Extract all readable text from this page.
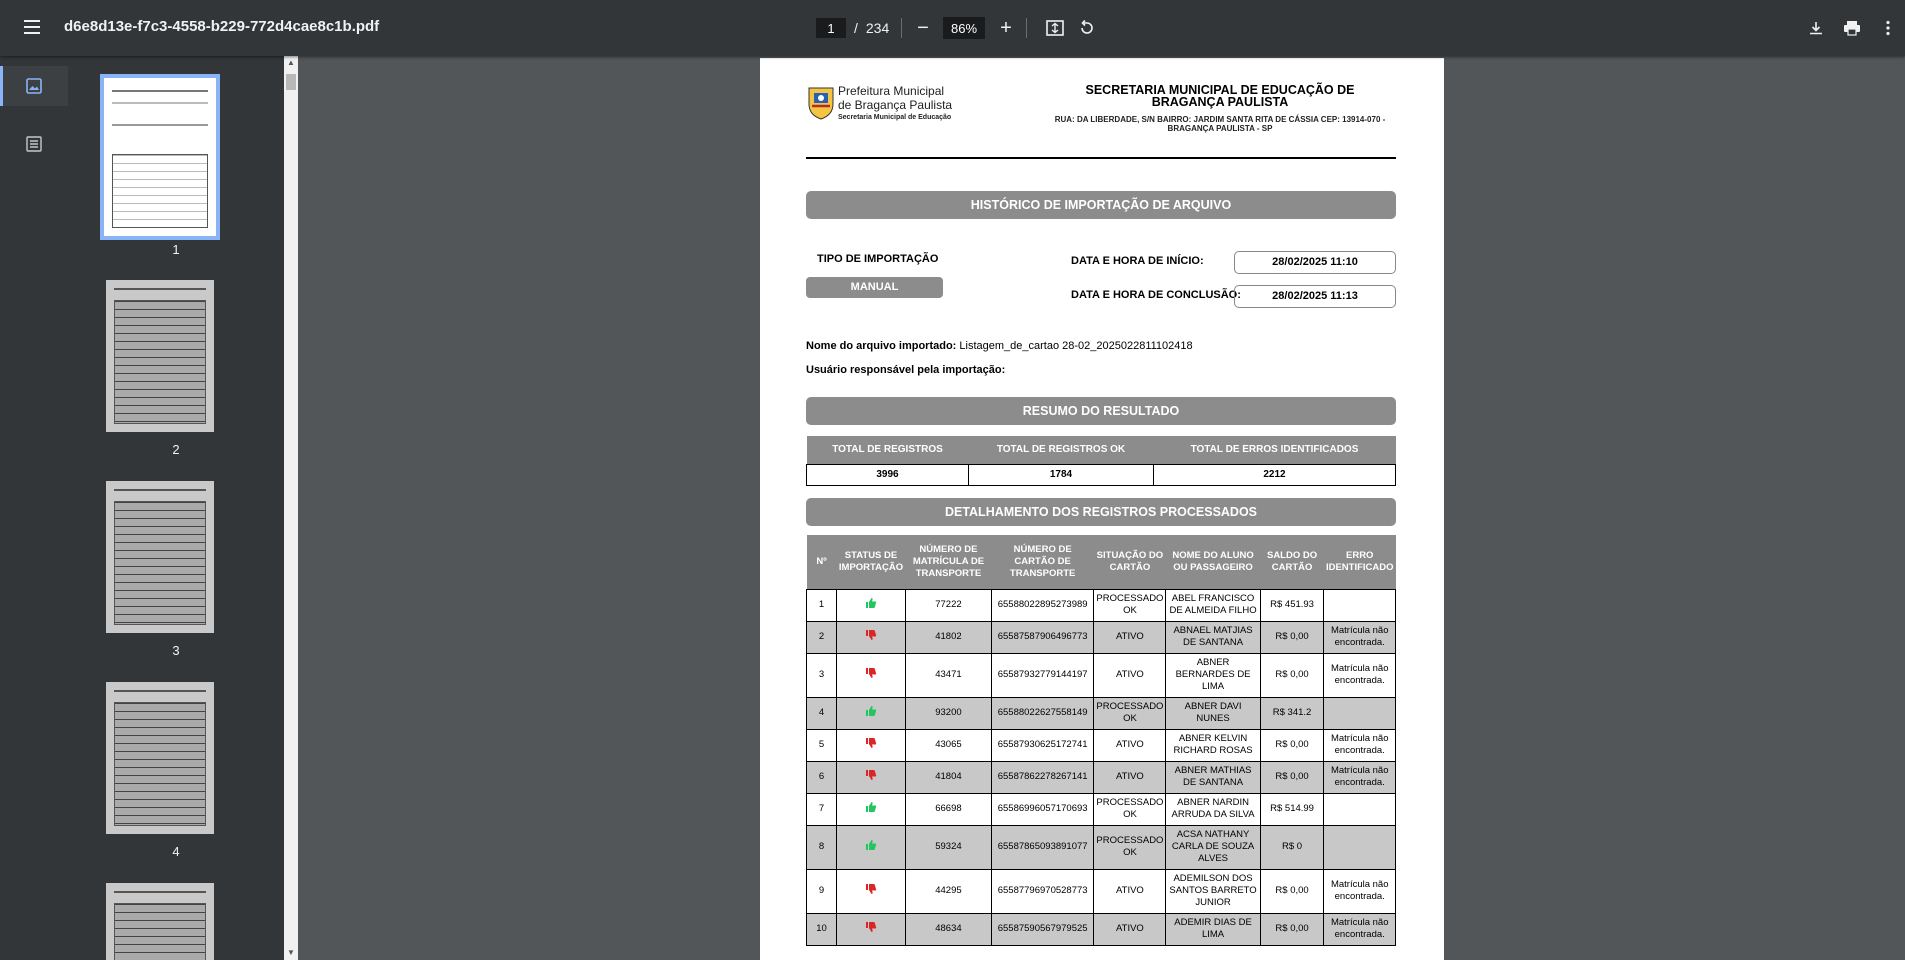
d6e8d13e-f7c3-4558-b229-772d4cae8c1b.pdf
1	/ 234	−
86%	+
1
2
3
4
▲
▼
Prefeitura Municipal
de Bragança Paulista
Secretaria Municipal de Educação
SECRETARIA MUNICIPAL DE EDUCAÇÃO DE BRAGANÇA PAULISTA
RUA: DA LIBERDADE, S/N BAIRRO: JARDIM SANTA RITA DE CÁSSIA CEP: 13914-070 - BRAGANÇA PAULISTA - SP
HISTÓRICO DE IMPORTAÇÃO DE ARQUIVO
TIPO DE IMPORTAÇÃO
MANUAL
DATA E HORA DE INÍCIO:	28/02/2025 11:10
DATA E HORA DE CONCLUSÃO:	28/02/2025 11:13
Nome do arquivo importado: Listagem_de_cartao 28-02_2025022811102418
Usuário responsável pela importação:
RESUMO DO RESULTADO
TOTAL DE REGISTROS	TOTAL DE REGISTROS OK	TOTAL DE ERROS IDENTIFICADOS
3996	1784	2212
DETALHAMENTO DOS REGISTROS PROCESSADOS
Nº	STATUS DE IMPORTAÇÃO	NÚMERO DE MATRÍCULA DE TRANSPORTE	NÚMERO DE CARTÃO DE TRANSPORTE	SITUAÇÃO DO CARTÃO	NOME DO ALUNO OU PASSAGEIRO	SALDO DO CARTÃO	ERRO IDENTIFICADO
1		77222	65588022895273989	PROCESSADO OK	ABEL FRANCISCO DE ALMEIDA FILHO	R$ 451.93	
2		41802	65587587906496773	ATIVO	ABNAEL MATJIAS DE SANTANA	R$ 0,00	Matrícula não encontrada.
3		43471	65587932779144197	ATIVO	ABNER BERNARDES DE LIMA	R$ 0,00	Matrícula não encontrada.
4		93200	65588022627558149	PROCESSADO OK	ABNER DAVI NUNES	R$ 341.2	
5		43065	65587930625172741	ATIVO	ABNER KELVIN RICHARD ROSAS	R$ 0,00	Matrícula não encontrada.
6		41804	65587862278267141	ATIVO	ABNER MATHIAS DE SANTANA	R$ 0,00	Matrícula não encontrada.
7		66698	65586996057170693	PROCESSADO OK	ABNER NARDIN ARRUDA DA SILVA	R$ 514.99	
8		59324	65587865093891077	PROCESSADO OK	ACSA NATHANY CARLA DE SOUZA ALVES	R$ 0	
9		44295	65587796970528773	ATIVO	ADEMILSON DOS SANTOS BARRETO JUNIOR	R$ 0,00	Matrícula não encontrada.
10		48634	65587590567979525	ATIVO	ADEMIR DIAS DE LIMA	R$ 0,00	Matrícula não encontrada.
